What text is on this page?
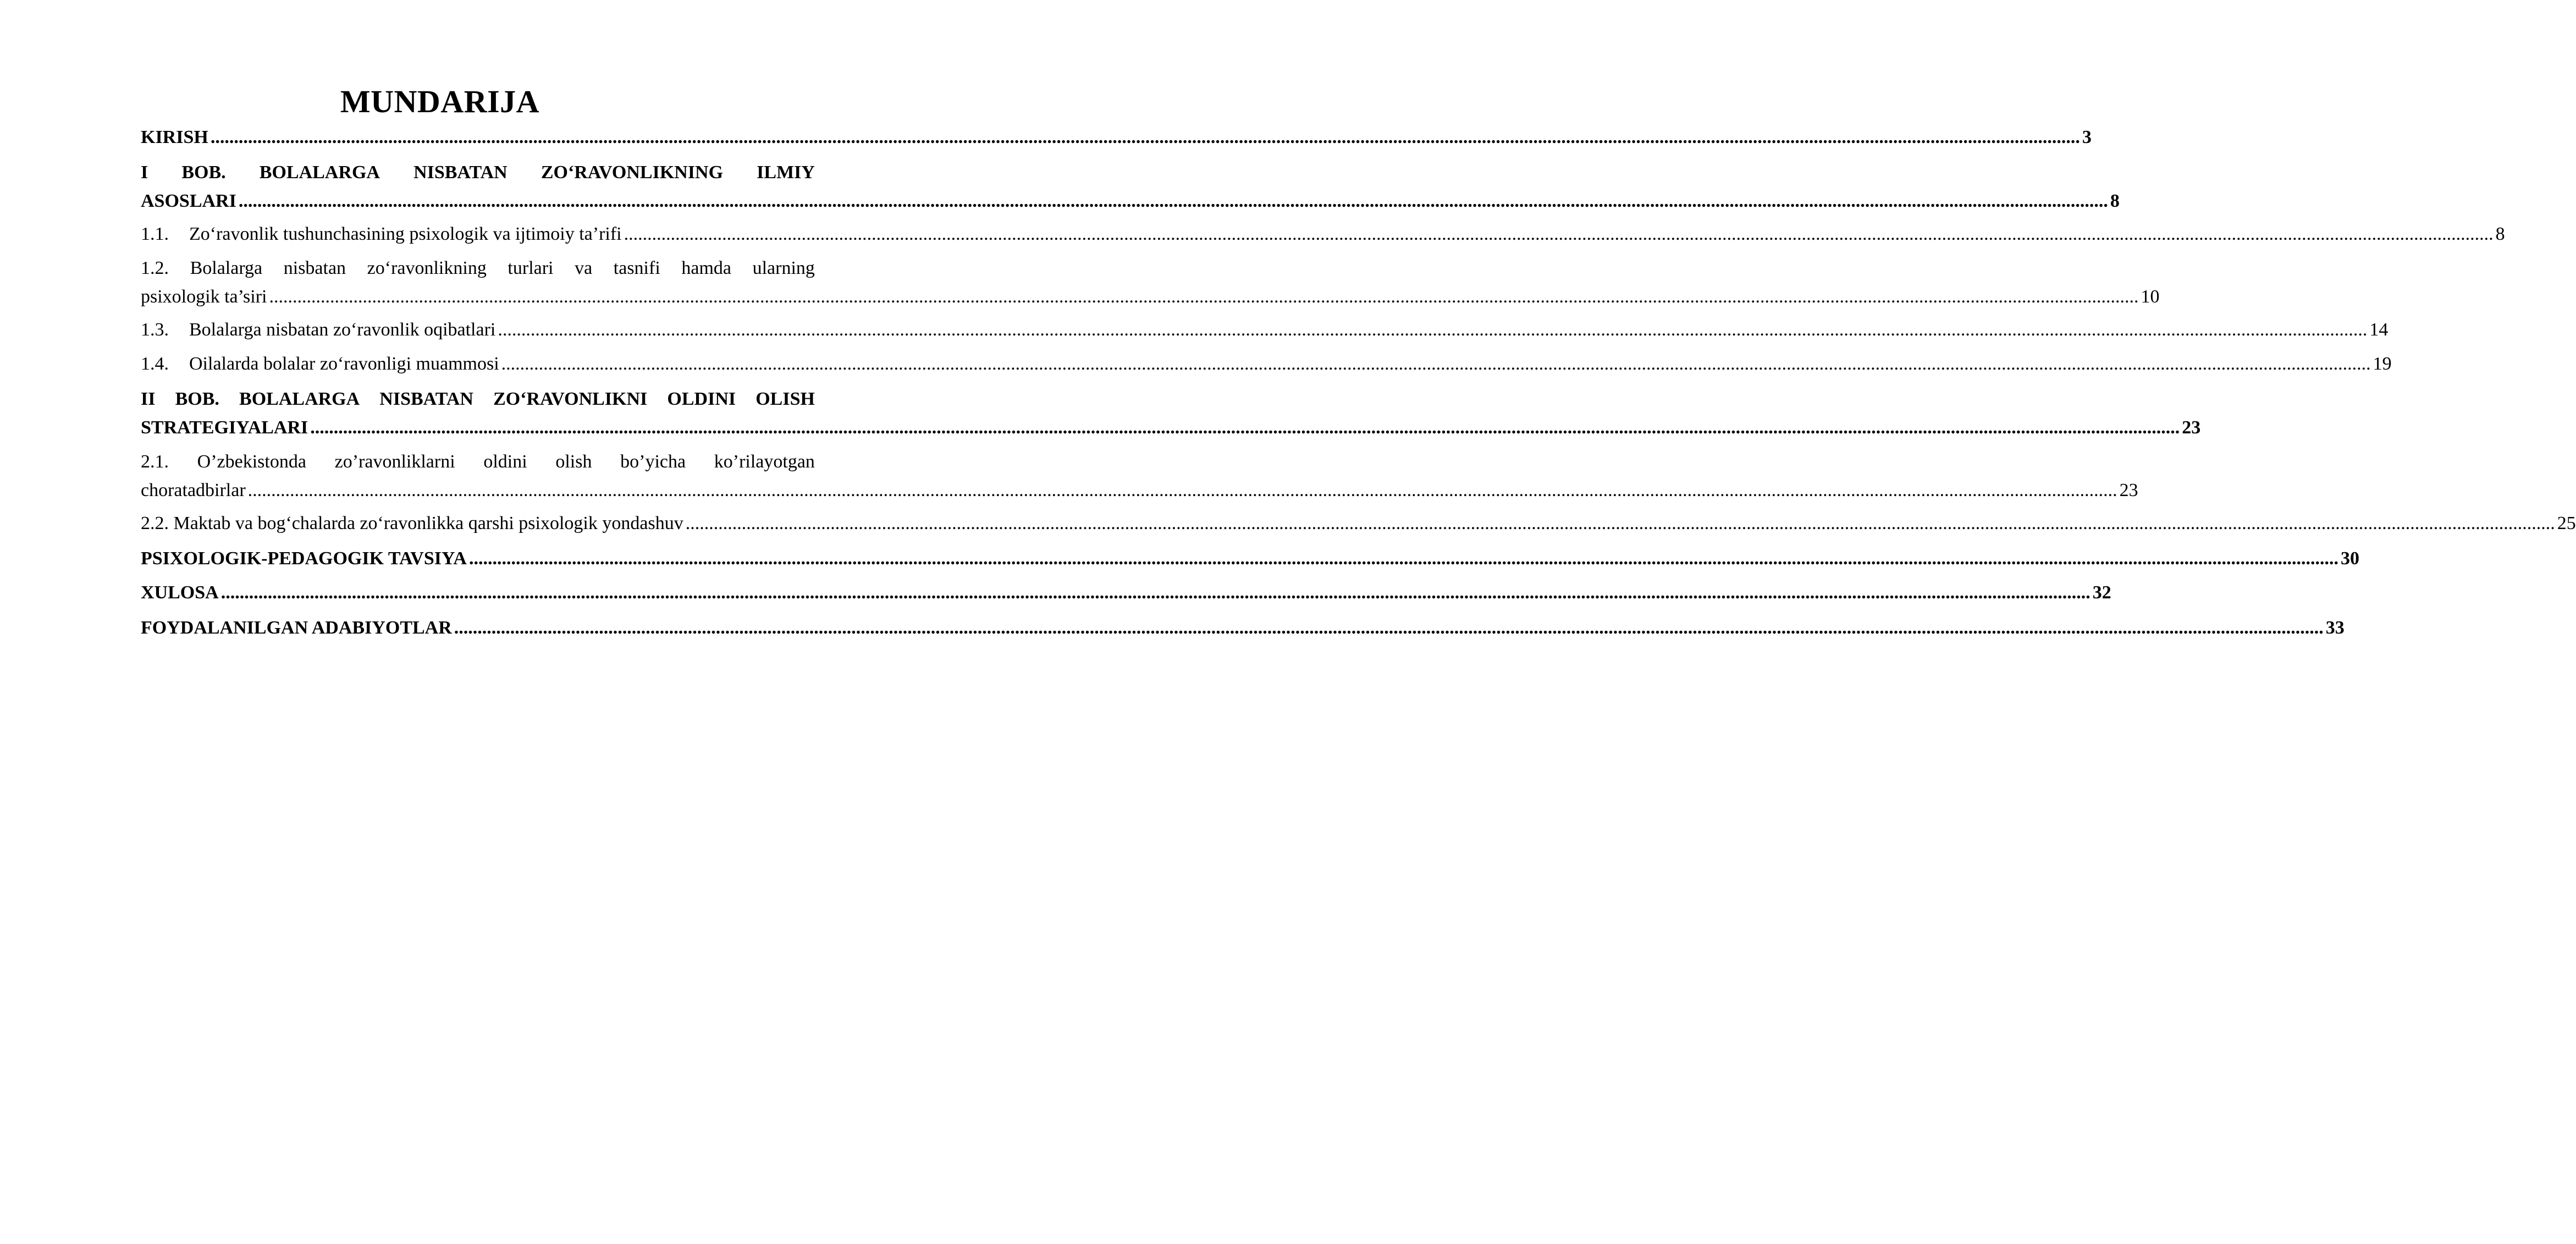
MUNDARIJA
KIRISH ................................................................................................................................................................................................................................................................................................................................................................................................................ 3
I BOB. BOLALARGA NISBATAN ZO‘RAVONLIKNING ILMIY
ASOSLARI ................................................................................................................................................................................................................................................................................................................................................................................................................ 8
1.1. Zo‘ravonlik tushunchasining psixologik va ijtimoiy ta’rifi ................................................................................................................................................................................................................................................................................................................................................................................................................ 8
1.2. Bolalarga nisbatan zo‘ravonlikning turlari va tasnifi hamda ularning
psixologik ta’siri ................................................................................................................................................................................................................................................................................................................................................................................................................ 10
1.3. Bolalarga nisbatan zo‘ravonlik oqibatlari ................................................................................................................................................................................................................................................................................................................................................................................................................ 14
1.4. Oilalarda bolalar zo‘ravonligi muammosi ................................................................................................................................................................................................................................................................................................................................................................................................................ 19
II BOB. BOLALARGA NISBATAN ZO‘RAVONLIKNI OLDINI OLISH
STRATEGIYALARI ................................................................................................................................................................................................................................................................................................................................................................................................................ 23
2.1. O’zbekistonda zo’ravonliklarni oldini olish bo’yicha ko’rilayotgan
choratadbirlar ................................................................................................................................................................................................................................................................................................................................................................................................................ 23
2.2. Maktab va bog‘chalarda zo‘ravonlikka qarshi psixologik yondashuv ................................................................................................................................................................................................................................................................................................................................................................................................................ 25
PSIXOLOGIK-PEDAGOGIK TAVSIYA ................................................................................................................................................................................................................................................................................................................................................................................................................ 30
XULOSA ................................................................................................................................................................................................................................................................................................................................................................................................................ 32
FOYDALANILGAN ADABIYOTLAR ................................................................................................................................................................................................................................................................................................................................................................................................................ 33
